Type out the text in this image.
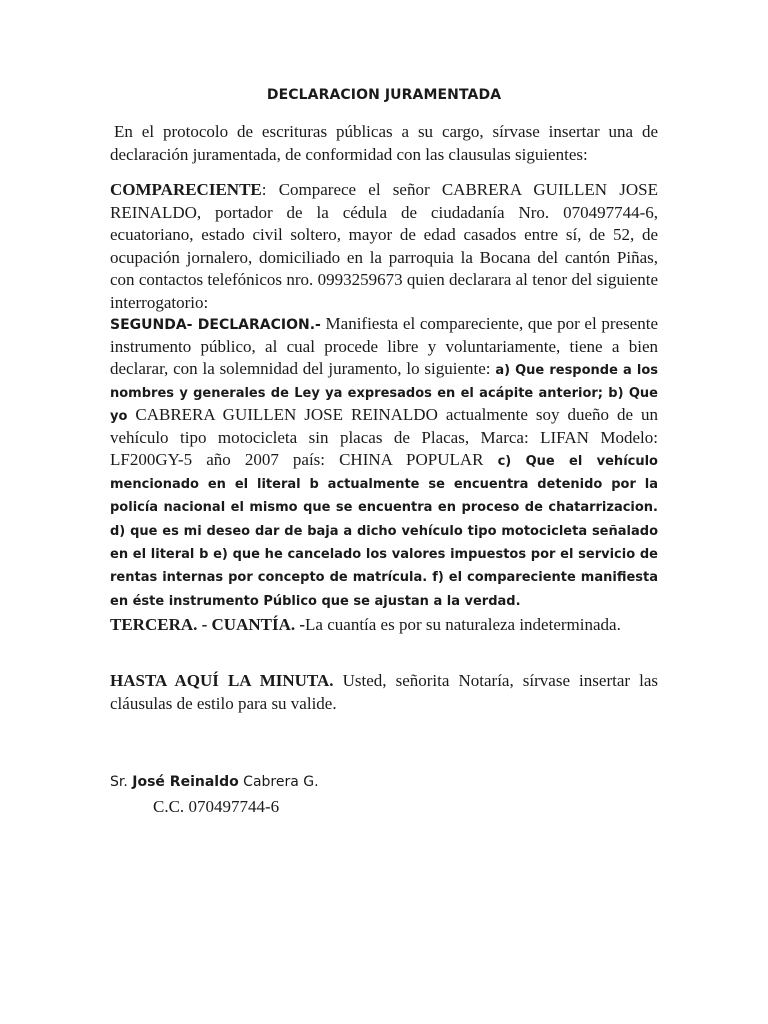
DECLARACION JURAMENTADA
En el protocolo de escrituras públicas a su cargo, sírvase insertar una de declaración juramentada, de conformidad con las clausulas siguientes:
COMPARECIENTE: Comparece el señor CABRERA GUILLEN JOSE REINALDO, portador de la cédula de ciudadanía Nro. 070497744-6, ecuatoriano, estado civil soltero, mayor de edad casados entre sí, de 52, de ocupación jornalero, domiciliado en la parroquia la Bocana del cantón Piñas, con contactos telefónicos nro. 0993259673 quien declarara al tenor del siguiente interrogatorio:
SEGUNDA- DECLARACION.- Manifiesta el compareciente, que por el presente instrumento público, al cual procede libre y voluntariamente, tiene a bien declarar, con la solemnidad del juramento, lo siguiente: a) Que responde a los nombres y generales de Ley ya expresados en el acápite anterior; b) Que yo CABRERA GUILLEN JOSE REINALDO actualmente soy dueño de un vehículo tipo motocicleta sin placas de Placas, Marca: LIFAN Modelo: LF200GY-5 año 2007 país: CHINA POPULAR c) Que el vehículo mencionado en el literal b actualmente se encuentra detenido por la policía nacional el mismo que se encuentra en proceso de chatarrizacion. d) que es mi deseo dar de baja a dicho vehículo tipo motocicleta señalado en el literal b e) que he cancelado los valores impuestos por el servicio de rentas internas por concepto de matrícula. f) el compareciente manifiesta en éste instrumento Público que se ajustan a la verdad.
TERCERA. - CUANTÍA. -La cuantía es por su naturaleza indeterminada.
HASTA AQUÍ LA MINUTA. Usted, señorita Notaría, sírvase insertar las cláusulas de estilo para su valide.
Sr. José Reinaldo Cabrera G.
C.C. 070497744-6
